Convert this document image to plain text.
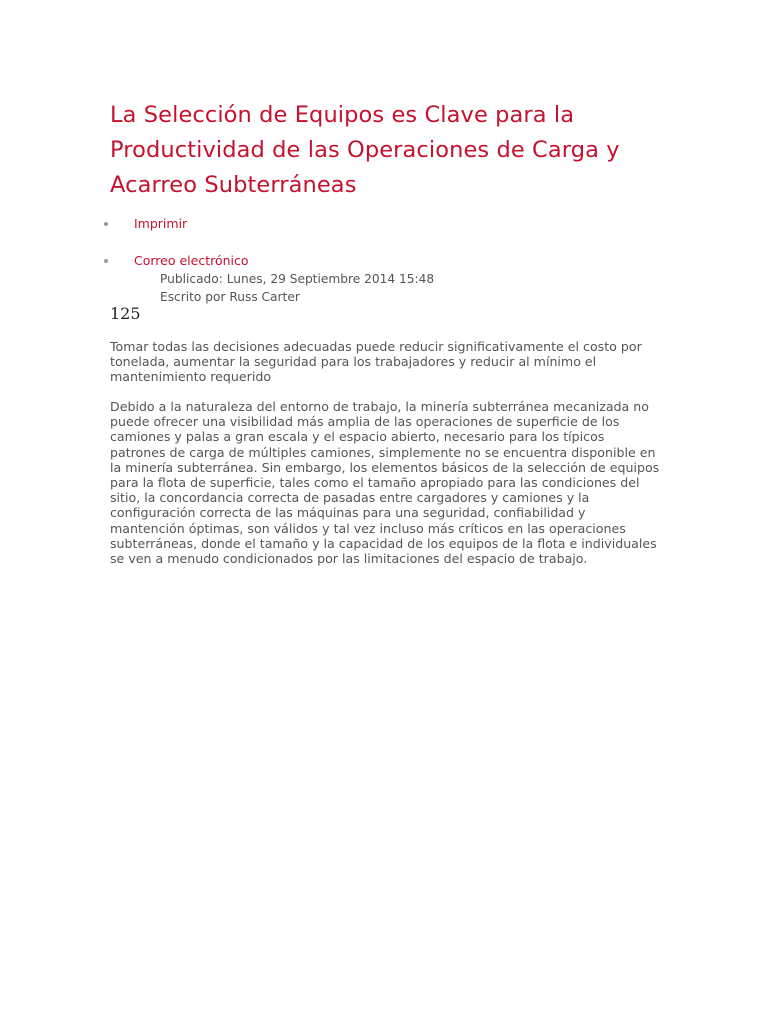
La Selección de Equipos es Clave para la Productividad de las Operaciones de Carga y Acarreo Subterráneas
Imprimir
Correo electrónico
Publicado: Lunes, 29 Septiembre 2014 15:48
Escrito por Russ Carter
125

Tomar todas las decisiones adecuadas puede reducir significativamente el costo por tonelada, aumentar la seguridad para los trabajadores y reducir al mínimo el mantenimiento requerido

Debido a la naturaleza del entorno de trabajo, la minería subterránea mecanizada no puede ofrecer una visibilidad más amplia de las operaciones de superficie de los camiones y palas a gran escala y el espacio abierto, necesario para los típicos patrones de carga de múltiples camiones, simplemente no se encuentra disponible en la minería subterránea. Sin embargo, los elementos básicos de la selección de equipos para la flota de superficie, tales como el tamaño apropiado para las condiciones del sitio, la concordancia correcta de pasadas entre cargadores y camiones y la configuración correcta de las máquinas para una seguridad, confiabilidad y mantención óptimas, son válidos y tal vez incluso más críticos en las operaciones subterráneas, donde el tamaño y la capacidad de los equipos de la flota e individuales se ven a menudo condicionados por las limitaciones del espacio de trabajo.
